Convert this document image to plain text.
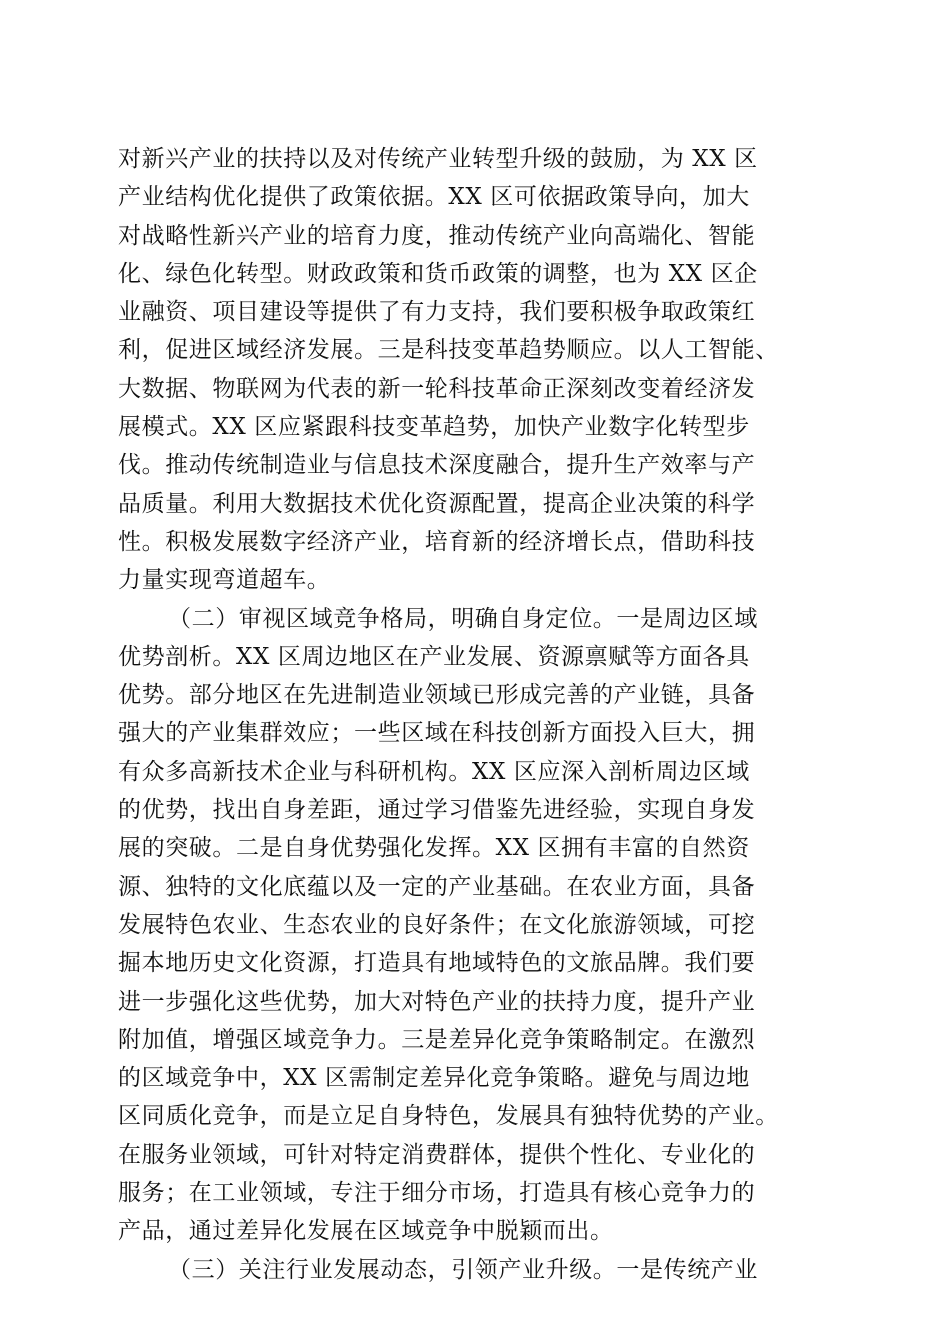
对新兴产业的扶持以及对传统产业转型升级的鼓励，为 XX 区
产业结构优化提供了政策依据。XX 区可依据政策导向，加大
对战略性新兴产业的培育力度，推动传统产业向高端化、智能
化、绿色化转型。财政政策和货币政策的调整，也为 XX 区企
业融资、项目建设等提供了有力支持，我们要积极争取政策红
利，促进区域经济发展。三是科技变革趋势顺应。以人工智能、
大数据、物联网为代表的新一轮科技革命正深刻改变着经济发
展模式。XX 区应紧跟科技变革趋势，加快产业数字化转型步
伐。推动传统制造业与信息技术深度融合，提升生产效率与产
品质量。利用大数据技术优化资源配置，提高企业决策的科学
性。积极发展数字经济产业，培育新的经济增长点，借助科技
力量实现弯道超车。
（二）审视区域竞争格局，明确自身定位。一是周边区域
优势剖析。XX 区周边地区在产业发展、资源禀赋等方面各具
优势。部分地区在先进制造业领域已形成完善的产业链，具备
强大的产业集群效应；一些区域在科技创新方面投入巨大，拥
有众多高新技术企业与科研机构。XX 区应深入剖析周边区域
的优势，找出自身差距，通过学习借鉴先进经验，实现自身发
展的突破。二是自身优势强化发挥。XX 区拥有丰富的自然资
源、独特的文化底蕴以及一定的产业基础。在农业方面，具备
发展特色农业、生态农业的良好条件；在文化旅游领域，可挖
掘本地历史文化资源，打造具有地域特色的文旅品牌。我们要
进一步强化这些优势，加大对特色产业的扶持力度，提升产业
附加值，增强区域竞争力。三是差异化竞争策略制定。在激烈
的区域竞争中，XX 区需制定差异化竞争策略。避免与周边地
区同质化竞争，而是立足自身特色，发展具有独特优势的产业。
在服务业领域，可针对特定消费群体，提供个性化、专业化的
服务；在工业领域，专注于细分市场，打造具有核心竞争力的
产品，通过差异化发展在区域竞争中脱颖而出。
（三）关注行业发展动态，引领产业升级。一是传统产业
